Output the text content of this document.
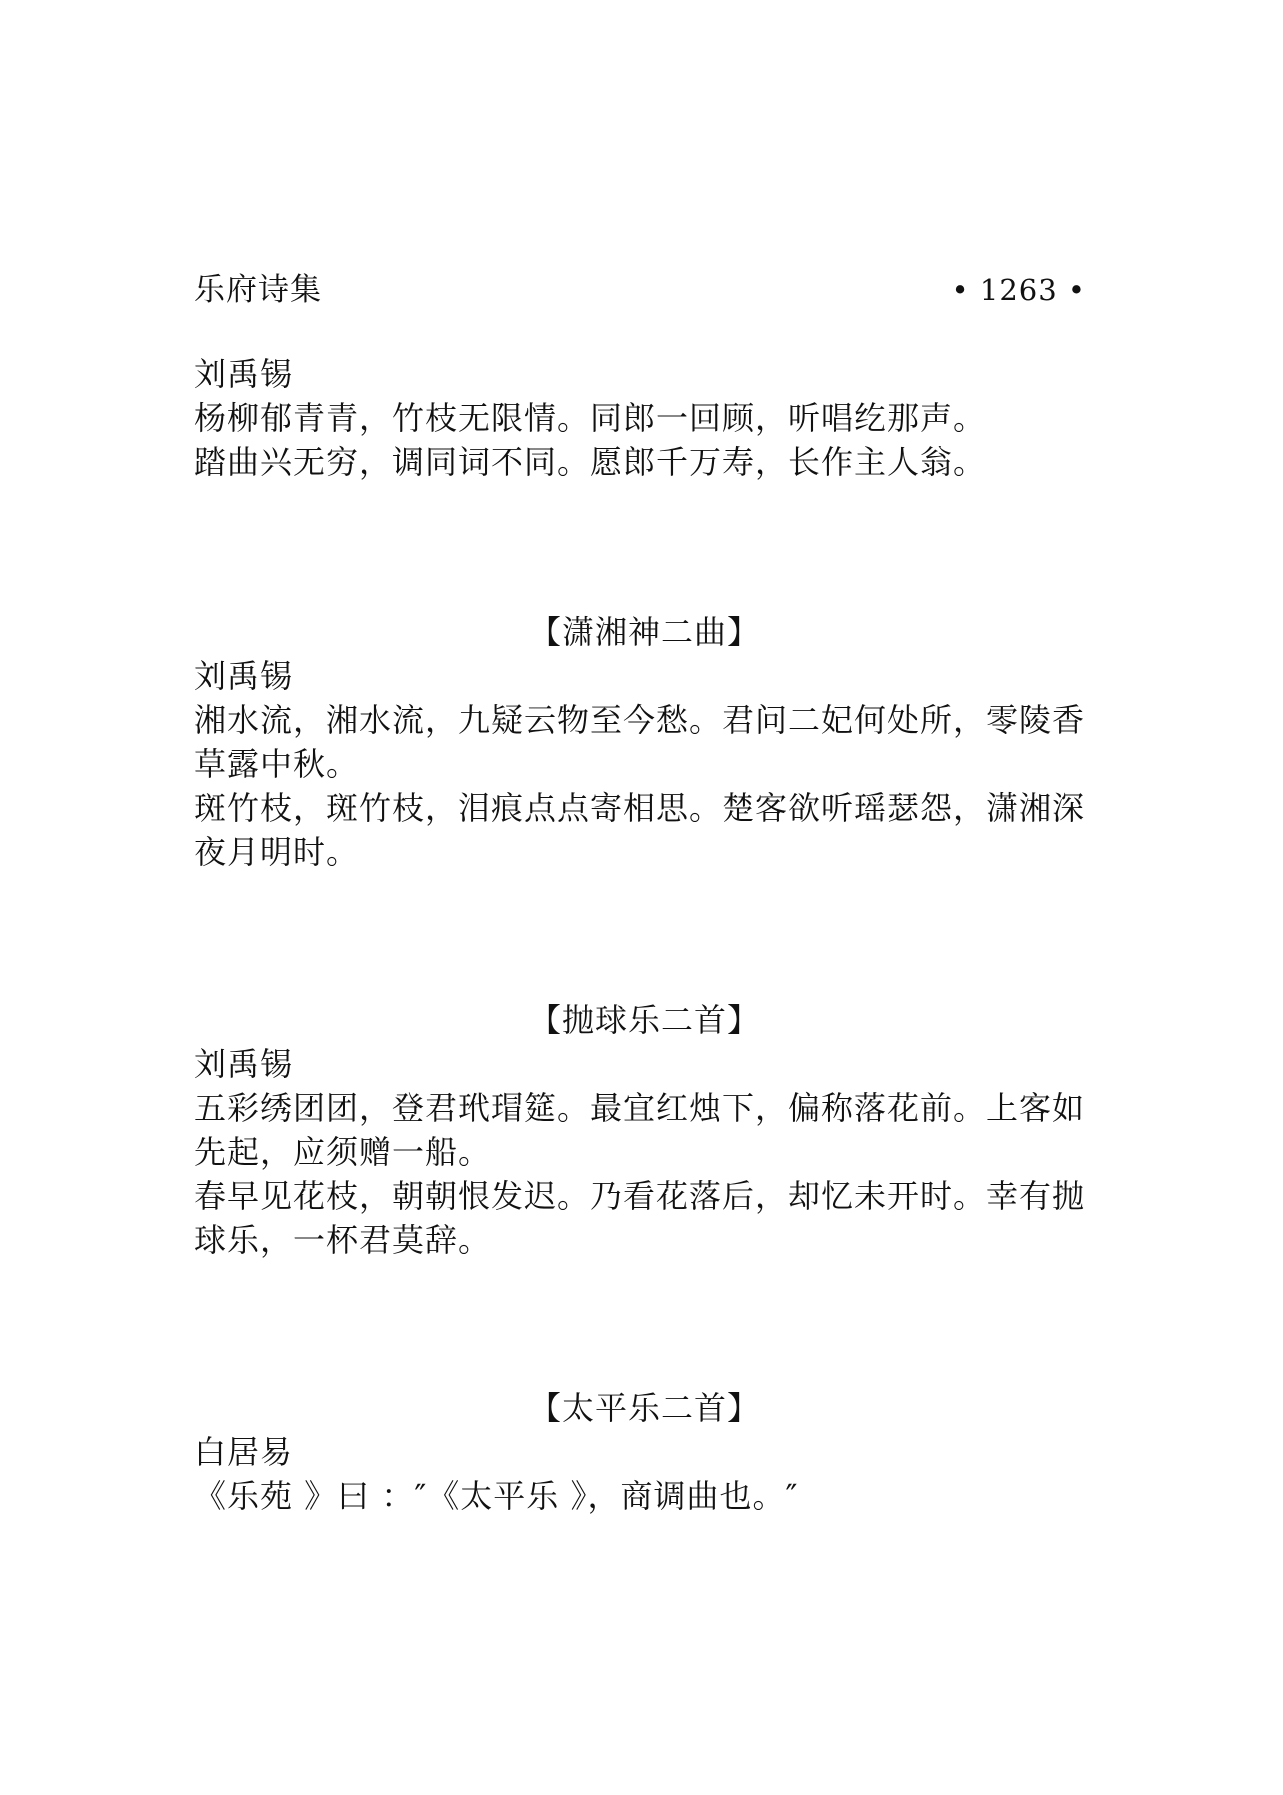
乐府诗集	• 1263 •
刘禹锡
杨柳郁青青，竹枝无限情。同郎一回顾，听唱纥那声。
踏曲兴无穷，调同词不同。愿郎千万寿，长作主人翁。
【潇湘神二曲】
刘禹锡
湘水流，湘水流，九疑云物至今愁。君问二妃何处所，零陵香
草露中秋。
斑竹枝，斑竹枝，泪痕点点寄相思。楚客欲听瑶瑟怨，潇湘深
夜月明时。
【抛球乐二首】
刘禹锡
五彩绣团团，登君玳瑁筵。最宜红烛下，偏称落花前。上客如
先起，应须赠一船。
春早见花枝，朝朝恨发迟。乃看花落后，却忆未开时。幸有抛
球乐，一杯君莫辞。
【太平乐二首】
白居易
《乐苑 》曰 ：″《太平乐 》，商调曲也。″
